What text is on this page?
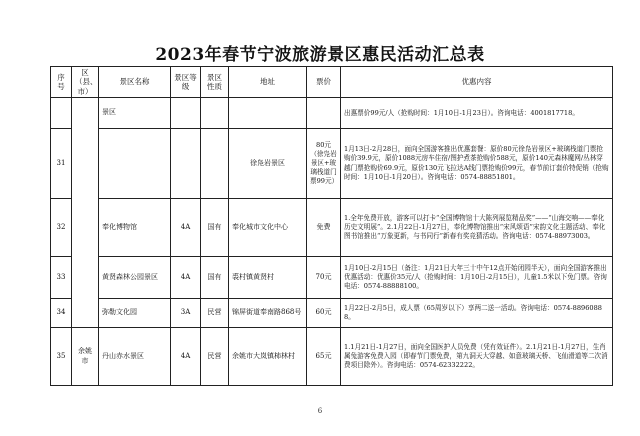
2023年春节宁波旅游景区惠民活动汇总表
序号	区（县、市）	景区名称	景区等级	景区性质	地址	票价	优惠内容
		景区					出惠票价99元/人（抢购时间：1月10日-1月23日）。咨询电话：4001817718。
31					徐凫岩景区	80元（徐凫岩景区+玻璃栈道门票99元）	1月13日-2月28日，面向全国游客推出优惠套餐：原价80元徐凫岩景区+玻璃栈道门票抢购价39.9元，原价1088元房车住宿/图护煮茶抢购价588元，原价140元森林魔网/丛林穿越门票抢购价69.9元，原价130元飞拉达A线门票抢购价99元，春节前订套价特促销（抢购时间：1月10日-1月20日）。咨询电话：0574-88851801。
32		奉化博物馆	4A	国有	奉化城市文化中心	免费	1.全年免费开放，游客可以打卡“全国博物馆十大陈列展览精品奖”——“山海交响——奉化历史文明展”。2.1月22日-1月27日，奉化博物馆推出“宋风颂语”宋韵文化主题活动、奉化图书馆推出“万象更新，与书同行”新春有奖竞猜活动。咨询电话：0574-88973003。
33		黄贤森林公园景区	4A	国有	裘村镇黄贤村	70元	1月10日-2月15日（备注：1月21日大年三十中午12点开始闭园半天），面向全国游客推出优惠活动：优惠价35元/人（抢购时间：1月10日-2月15日），儿童1.5米以下免门票。咨询电话：0574-88888100。
34		弥勒文化园	3A	民营	锦屏街道奉南路868号	60元	1月22日-2月5日，成人票（65周岁以下）享两二送一活动。咨询电话：0574-88960888。
35	余姚市	丹山赤水景区	4A	民营	余姚市大岚镇柿林村	65元	1.1月21日-1月27日，面向全国医护人员免费（凭有效证件）。2.1月21日-1月27日，生肖属兔游客免费入园（即春节门票免费，第九洞天大穿越、如意玻璃天桥、飞仙滑道等二次消费项目除外）。咨询电话：0574-62332222。
6
